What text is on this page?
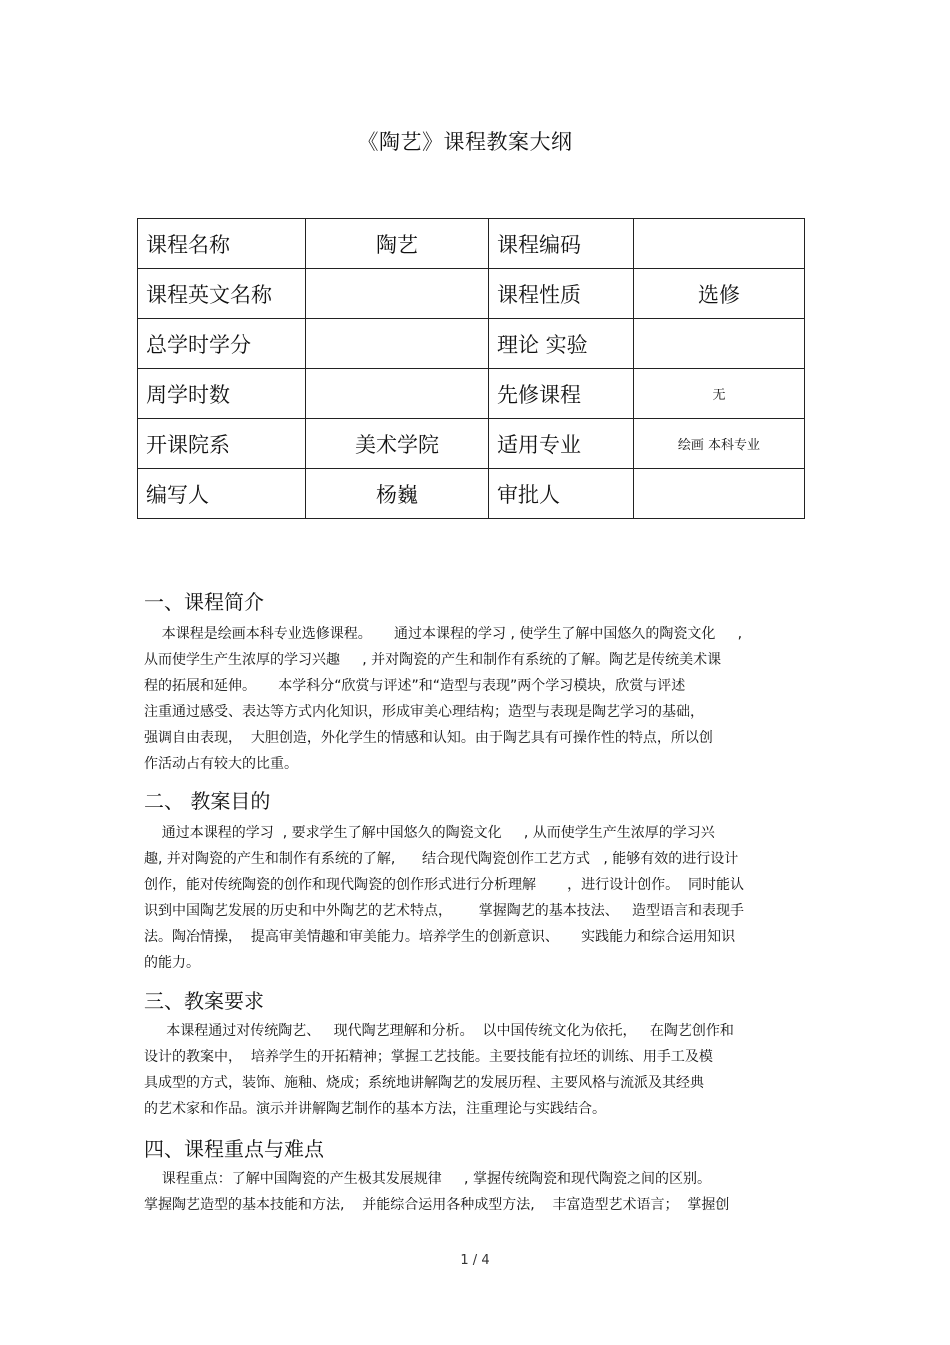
《陶艺》课程教案大纲
课程名称	陶艺	课程编码	
课程英文名称		课程性质	选修
总学时学分		理论 实验	
周学时数		先修课程	无
开课院系	美术学院	适用专业	绘画 本科专业
编写人	杨巍	审批人	
一、课程简介
本课程是绘画本科专业选修课程。     通过本课程的学习 , 使学生了解中国悠久的陶瓷文化     ,
从而使学生产生浓厚的学习兴趣     , 并对陶瓷的产生和制作有系统的了解。陶艺是传统美术课
程的拓展和延伸。     本学科分“欣赏与评述”和“造型与表现”两个学习模块，欣赏与评述
注重通过感受、表达等方式内化知识，形成审美心理结构；造型与表现是陶艺学习的基础，
强调自由表现，  大胆创造，外化学生的情感和认知。由于陶艺具有可操作性的特点，所以创
作活动占有较大的比重。
二、 教案目的
通过本课程的学习  , 要求学生了解中国悠久的陶瓷文化     , 从而使学生产生浓厚的学习兴
趣, 并对陶瓷的产生和制作有系统的了解,      结合现代陶瓷创作工艺方式   , 能够有效的进行设计
创作，能对传统陶瓷的创作和现代陶瓷的创作形式进行分析理解       ，进行设计创作。  同时能认
识到中国陶艺发展的历史和中外陶艺的艺术特点，      掌握陶艺的基本技法、   造型语言和表现手
法。陶冶情操，  提高审美情趣和审美能力。培养学生的创新意识、     实践能力和综合运用知识
的能力。
三、教案要求
本课程通过对传统陶艺、   现代陶艺理解和分析。  以中国传统文化为依托，   在陶艺创作和
设计的教案中，  培养学生的开拓精神；掌握工艺技能。主要技能有拉坯的训练、用手工及模
具成型的方式，装饰、施釉、烧成；系统地讲解陶艺的发展历程、主要风格与流派及其经典
的艺术家和作品。演示并讲解陶艺制作的基本方法，注重理论与实践结合。
四、课程重点与难点
课程重点：了解中国陶瓷的产生极其发展规律     , 掌握传统陶瓷和现代陶瓷之间的区别。
掌握陶艺造型的基本技能和方法,    并能综合运用各种成型方法,    丰富造型艺术语言；  掌握创
1 / 4
